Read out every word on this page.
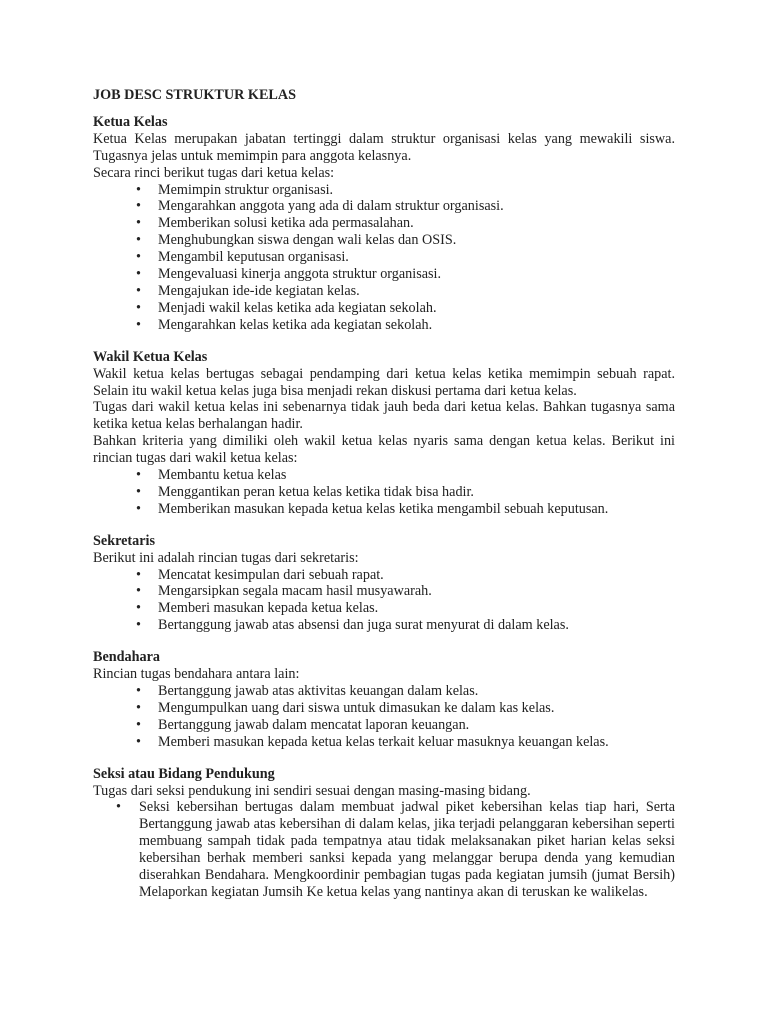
JOB DESC STRUKTUR KELAS
Ketua Kelas
Ketua Kelas merupakan jabatan tertinggi dalam struktur organisasi kelas yang mewakili siswa. Tugasnya jelas untuk memimpin para anggota kelasnya.
Secara rinci berikut tugas dari ketua kelas:
• Memimpin struktur organisasi.
• Mengarahkan anggota yang ada di dalam struktur organisasi.
• Memberikan solusi ketika ada permasalahan.
• Menghubungkan siswa dengan wali kelas dan OSIS.
• Mengambil keputusan organisasi.
• Mengevaluasi kinerja anggota struktur organisasi.
• Mengajukan ide-ide kegiatan kelas.
• Menjadi wakil kelas ketika ada kegiatan sekolah.
• Mengarahkan kelas ketika ada kegiatan sekolah.
Wakil Ketua Kelas
Wakil ketua kelas bertugas sebagai pendamping dari ketua kelas ketika memimpin sebuah rapat. Selain itu wakil ketua kelas juga bisa menjadi rekan diskusi pertama dari ketua kelas.
Tugas dari wakil ketua kelas ini sebenarnya tidak jauh beda dari ketua kelas. Bahkan tugasnya sama ketika ketua kelas berhalangan hadir.
Bahkan kriteria yang dimiliki oleh wakil ketua kelas nyaris sama dengan ketua kelas. Berikut ini rincian tugas dari wakil ketua kelas:
• Membantu ketua kelas
• Menggantikan peran ketua kelas ketika tidak bisa hadir.
• Memberikan masukan kepada ketua kelas ketika mengambil sebuah keputusan.
Sekretaris
Berikut ini adalah rincian tugas dari sekretaris:
• Mencatat kesimpulan dari sebuah rapat.
• Mengarsipkan segala macam hasil musyawarah.
• Memberi masukan kepada ketua kelas.
• Bertanggung jawab atas absensi dan juga surat menyurat di dalam kelas.
Bendahara
Rincian tugas bendahara antara lain:
• Bertanggung jawab atas aktivitas keuangan dalam kelas.
• Mengumpulkan uang dari siswa untuk dimasukan ke dalam kas kelas.
• Bertanggung jawab dalam mencatat laporan keuangan.
• Memberi masukan kepada ketua kelas terkait keluar masuknya keuangan kelas.
Seksi atau Bidang Pendukung
Tugas dari seksi pendukung ini sendiri sesuai dengan masing-masing bidang.
• Seksi kebersihan bertugas dalam membuat jadwal piket kebersihan kelas tiap hari, Serta Bertanggung jawab atas kebersihan di dalam kelas, jika terjadi pelanggaran kebersihan seperti membuang sampah tidak pada tempatnya atau tidak melaksanakan piket harian kelas seksi kebersihan berhak memberi sanksi kepada yang melanggar berupa denda yang kemudian diserahkan Bendahara. Mengkoordinir pembagian tugas pada kegiatan jumsih (jumat Bersih) Melaporkan kegiatan Jumsih Ke ketua kelas yang nantinya akan di teruskan ke walikelas.
